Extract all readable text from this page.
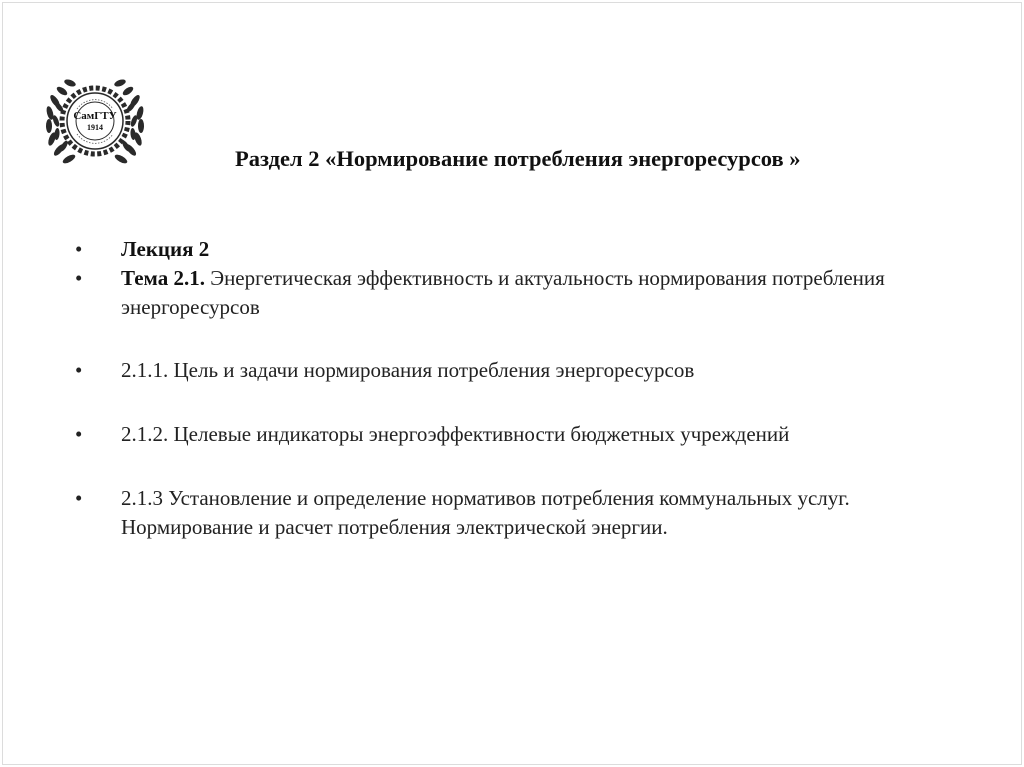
СамГТУ
1914
Раздел 2 «Нормирование потребления энергоресурсов »
• Лекция 2
• Тема 2.1. Энергетическая эффективность и актуальность нормирования потребления энергоресурсов
• 2.1.1. Цель и задачи нормирования потребления энергоресурсов
• 2.1.2. Целевые индикаторы энергоэффективности бюджетных учреждений
• 2.1.3 Установление и определение нормативов потребления коммунальных услуг. Нормирование и расчет потребления электрической энергии.
